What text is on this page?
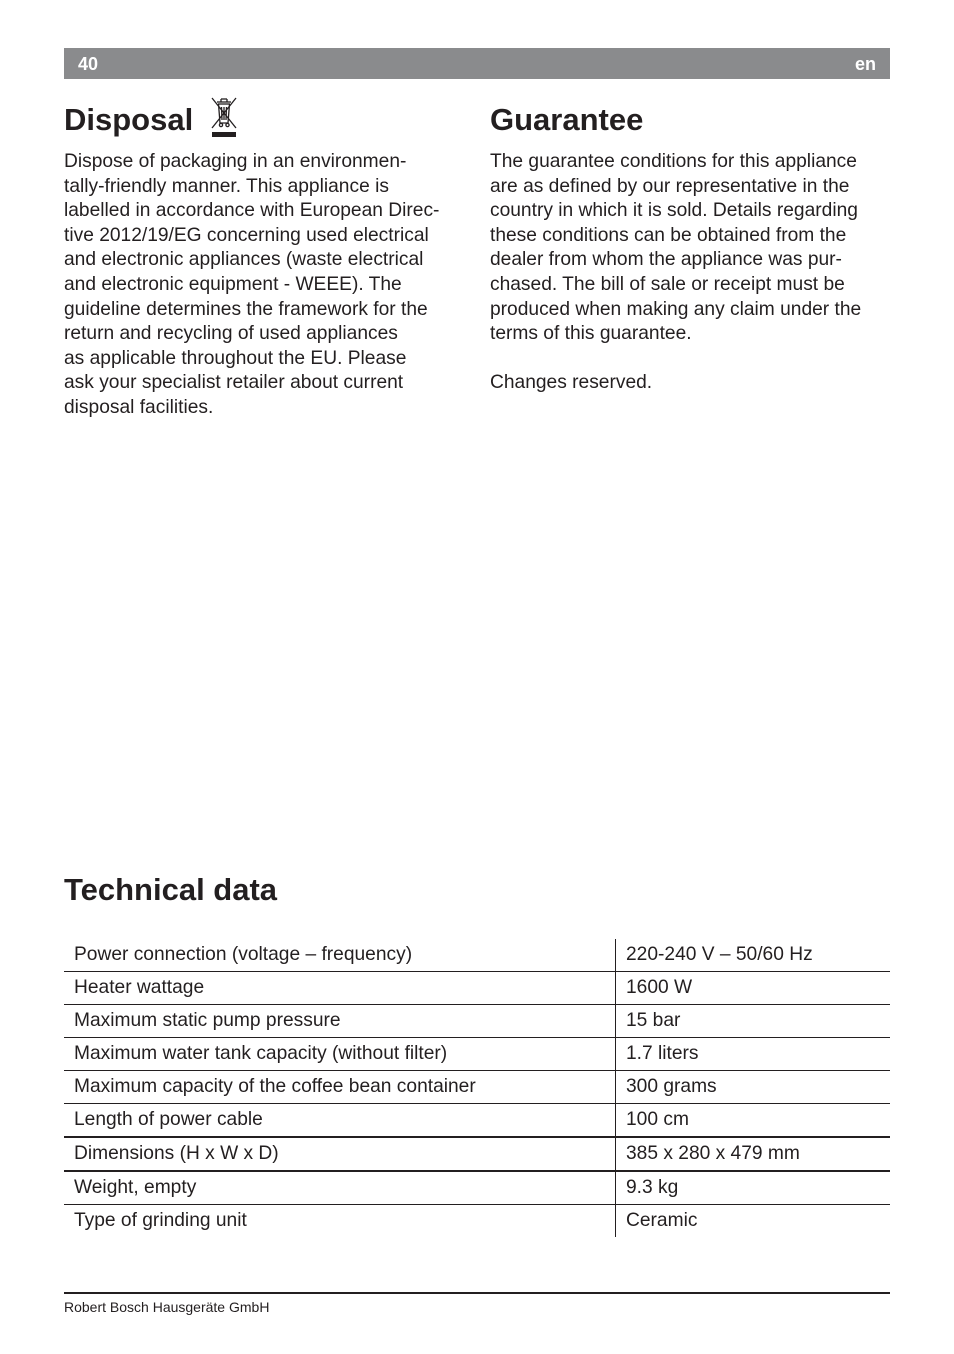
40	en
Disposal
Dispose of packaging in an environmen-
tally-friendly manner. This appliance is
labelled in accordance with European Direc-
tive 2012/19/EG concerning used electrical
and electronic appliances (waste electrical
and electronic equipment - WEEE). The
guideline determines the framework for the
return and recycling of used appliances
as applicable throughout the EU. Please
ask your specialist retailer about current
disposal facilities.
Guarantee
The guarantee conditions for this appliance
are as defined by our representative in the
country in which it is sold. Details regarding
these conditions can be obtained from the
dealer from whom the appliance was pur-
chased. The bill of sale or receipt must be
produced when making any claim under the
terms of this guarantee.
Changes reserved.
Technical data
Power connection (voltage – frequency)	220-240 V – 50/60 Hz
Heater wattage	1600 W
Maximum static pump pressure	15 bar
Maximum water tank capacity (without filter)	1.7 liters
Maximum capacity of the coffee bean container	300 grams
Length of power cable	100 cm
Dimensions (H x W x D)	385 x 280 x 479 mm
Weight, empty	9.3 kg
Type of grinding unit	Ceramic
Robert Bosch Hausgeräte GmbH
